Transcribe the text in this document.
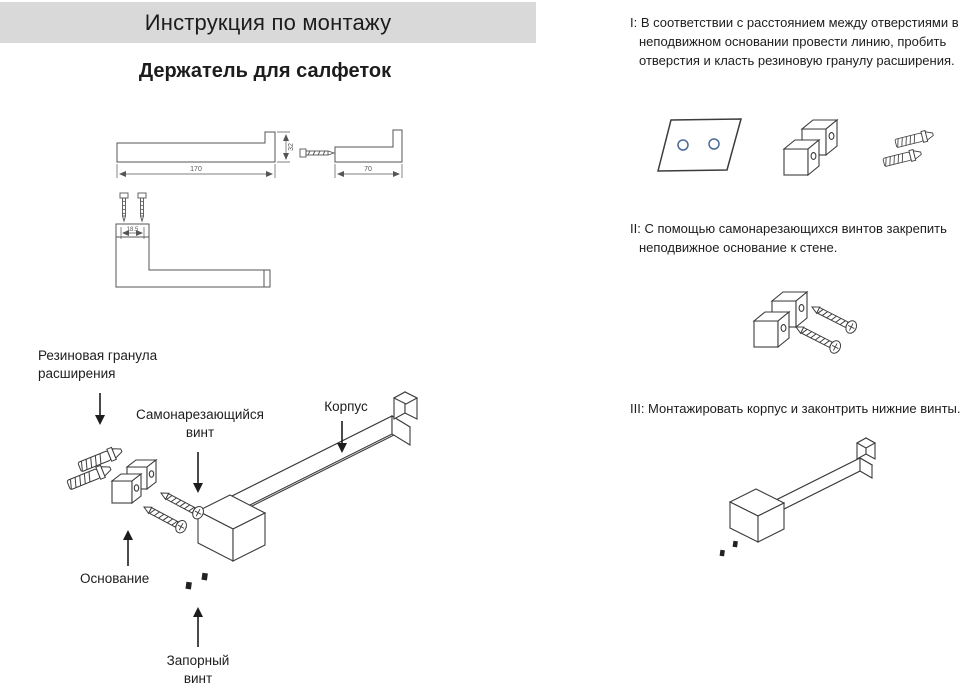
Инструкция по монтажу
Держатель для салфеток
170
32
70
18.5
Резиновая гранула расширения
Самонарезающийся винт
Корпус
Основание
Запорный винт

I: В соответствии с расстоянием между отверстиями в неподвижном основании провести линию, пробить отверстия и класть резиновую гранулу расширения.

II: С помощью самонарезающихся винтов закрепить неподвижное основание к стене.

III: Монтажировать корпус и законтрить нижние винты.
